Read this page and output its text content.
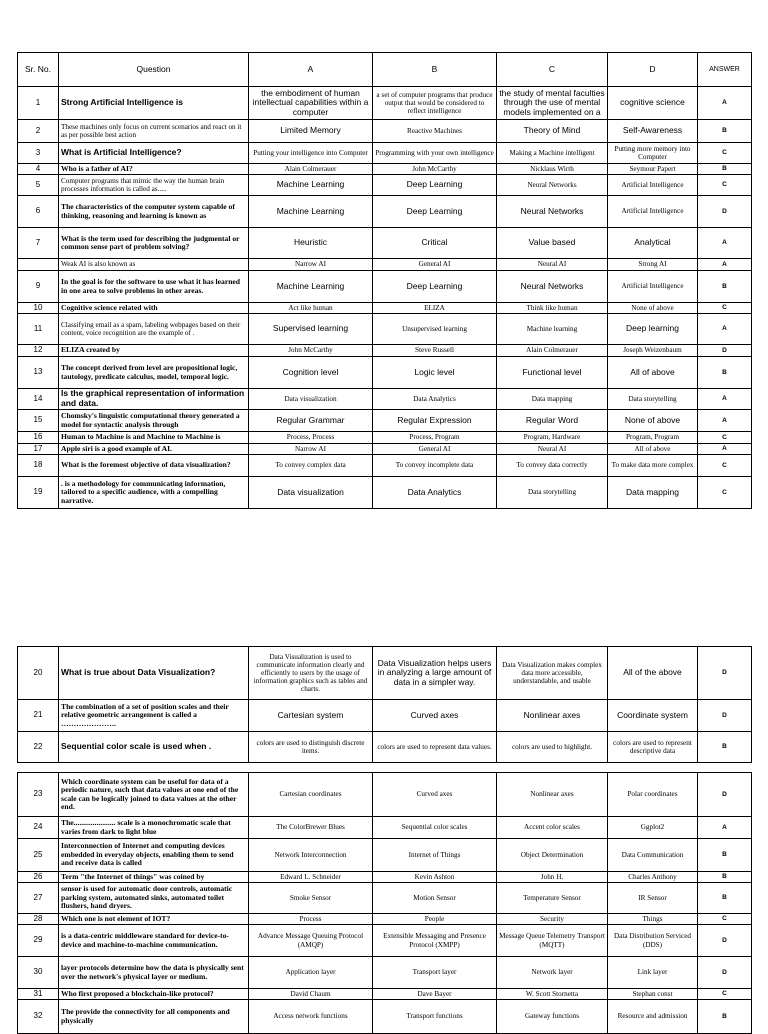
Sr. No.	Question	A	B	C	D	ANSWER
1	Strong Artificial Intelligence is	the embodiment of human intellectual capabilities within a computer	a set of computer programs that produce output that would be considered to reflect intelligence	the study of mental faculties through the use of mental models implemented on a	cognitive science	A
2	These machines only focus on current scenarios and react on it as per possible best action	Limited Memory	Reactive Machines	Theory of Mind	Self-Awareness	B
3	What is Artificial Intelligence?	Putting your intelligence into Computer	Programming with your own intelligence	Making a Machine intelligent	Putting more memory into Computer	C
4	Who is a father of AI?	Alain Colmerauer	John McCarthy	Nicklaus Wirth	Seymour Papert	B
5	Computer programs that mimic the way the human brain processes information is called as.....	Machine Learning	Deep Learning	Neural Networks	Artificial Intelligence	C
6	The characteristics of the computer system capable of thinking, reasoning and learning is known as	Machine Learning	Deep Learning	Neural Networks	Artificial Intelligence	D
7	What is the term used for describing the judgmental or common sense part of problem solving?	Heuristic	Critical	Value based	Analytical	A
	Weak AI is also known as	Narrow AI	General AI	Neural AI	Strong AI	A
9	In the goal is for the software to use what it has learned in one area to solve problems in other areas.	Machine Learning	Deep Learning	Neural Networks	Artificial Intelligence	B
10	Cognitive science related with	Act like human	ELIZA	Think like human	None of above	C
11	Classifying email as a spam, labeling webpages based on their content, voice recognition are the example of .	Supervised learning	Unsupervised learning	Machine learning	Deep learning	A
12	ELIZA created by	John McCarthy	Steve Russell	Alain Colmerauer	Joseph Weizenbaum	D
13	The concept derived from level are propositional logic, tautology, predicate calculus, model, temporal logic.	Cognition level	Logic level	Functional level	All of above	B
14	Is the graphical representation of information and data.	Data visualization	Data Analytics	Data mapping	Data storytelling	A
15	Chomsky's linguistic computational theory generated a model for syntactic analysis through	Regular Grammar	Regular Expression	Regular Word	None of above	A
16	Human to Machine is and Machine to Machine is	Process, Process	Process, Program	Program, Hardware	Program, Program	C
17	Apple siri is a good example of AI.	Narrow AI	General AI	Neural AI	All of above	A
18	What is the foremost objective of data visualization?	To convey complex data	To convey incomplete data	To convey data correctly	To make data more complex	C
19	. is a methodology for communicating information, tailored to a specific audience, with a compelling narrative.	Data visualization	Data Analytics	Data storytelling	Data mapping	C
20	What is true about Data Visualization?	Data Visualization is used to communicate information clearly and efficiently to users by the usage of information graphics such as tables and charts.	Data Visualization helps users in analyzing a large amount of data in a simpler way.	Data Visualization makes complex data more accessible, understandable, and usable	All of the above	D
21	The combination of a set of position scales and their relative geometric arrangement is called a ………………….	Cartesian system	Curved axes	Nonlinear axes	Coordinate system	D
22	Sequential color scale is used when .	colors are used to distinguish discrete items.	colors are used to represent data values.	colors are used to highlight.	colors are used to represent descriptive data	B
23	Which coordinate system can be useful for data of a periodic nature, such that data values at one end of the scale can be logically joined to data values at the other end.	Cartesian coordinates	Curved axes	Nonlinear axes	Polar coordinates	D
24	The...................... scale is a monochromatic scale that varies from dark to light blue	The ColorBrewer Blues	Sequential color scales	Accent color scales	Ggplot2	A
25	Interconnection of Internet and computing devices embedded in everyday objects, enabling them to send and receive data is called	Network Interconnection	Internet of Things	Object Determination	Data Communication	B
26	Term "the Internet of things" was coined by	Edward L. Schneider	Kevin Ashton	John H.	Charles Anthony	B
27	sensor is used for automatic door controls, automatic parking system, automated sinks, automated toilet flushers, hand dryers.	Smoke Sensor	Motion Sensor	Temperature Sensor	IR Sensor	B
28	Which one is not element of IOT?	Process	People	Security	Things	C
29	is a data-centric middleware standard for device-to-device and machine-to-machine communication.	Advance Message Queuing Protocol (AMQP)	Extensible Messaging and Presence Protocol (XMPP)	Message Queue Telemetry Transport (MQTT)	Data Distribution Serviced (DDS)	D
30	layer protocols determine how the data is physically sent over the network's physical layer or medium.	Application layer	Transport layer	Network layer	Link layer	D
31	Who first proposed a blockchain-like protocol?	David Chaum	Dave Bayer	W. Scott Stornetta	Stephan const	C
32	The provide the connectivity for all components and physically	Access network functions	Transport functions	Gateway functions	Resource and admission	B
